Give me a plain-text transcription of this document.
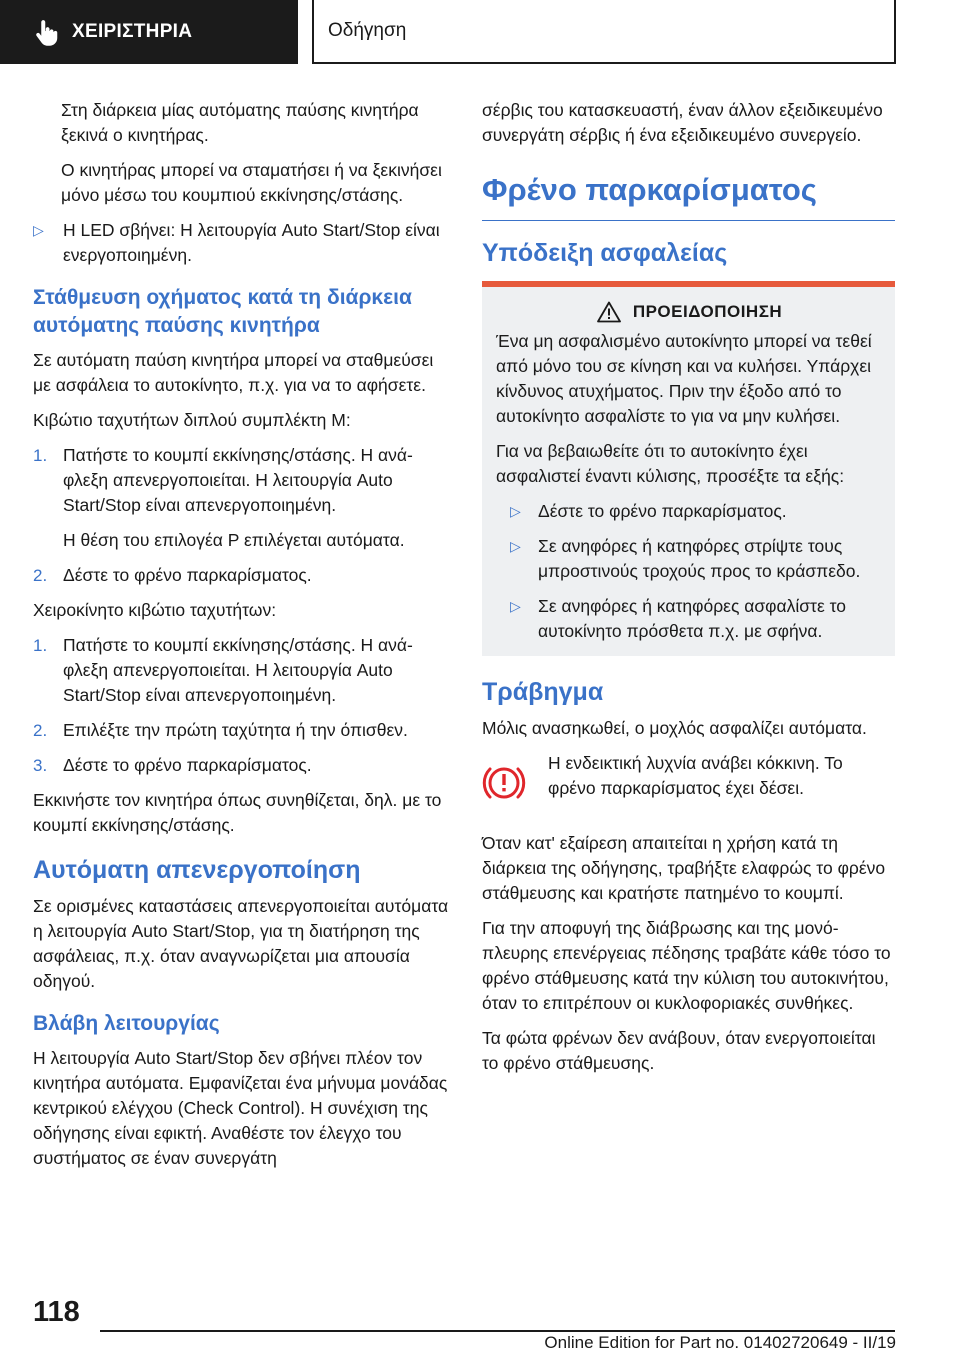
ΧΕΙΡΙΣΤΗΡΙΑ	Οδήγηση

Στη διάρκεια μίας αυτόματης παύσης κινητήρα ξεκινά ο κινητήρας.

Ο κινητήρας μπορεί να σταματήσει ή να ξεκινήσει μόνο μέσω του κουμπιού εκκίνησης/στάσης.

▷ Η LED σβήνει: Η λειτουργία Auto Start/Stop είναι ενεργοποιημένη.
Στάθμευση οχήματος κατά τη διάρκεια αυτόματης παύσης κινητήρα

Σε αυτόματη παύση κινητήρα μπορεί να σταθμεύσει με ασφάλεια το αυτοκίνητο, π.χ. για να το αφήσετε.

Κιβώτιο ταχυτήτων διπλού συμπλέκτη M:

1. Πατήστε το κουμπί εκκίνησης/στάσης. Η ανάφλεξη απενεργοποιείται. Η λειτουργία Auto Start/Stop είναι απενεργοποιημένη.

Η θέση του επιλογέα P επιλέγεται αυτόματα.

2. Δέστε το φρένο παρκαρίσματος.

Χειροκίνητο κιβώτιο ταχυτήτων:

1. Πατήστε το κουμπί εκκίνησης/στάσης. Η ανάφλεξη απενεργοποιείται. Η λειτουργία Auto Start/Stop είναι απενεργοποιημένη.
2. Επιλέξτε την πρώτη ταχύτητα ή την όπισθεν.
3. Δέστε το φρένο παρκαρίσματος.

Εκκινήστε τον κινητήρα όπως συνηθίζεται, δηλ. με το κουμπί εκκίνησης/στάσης.

Αυτόματη απενεργοποίηση

Σε ορισμένες καταστάσεις απενεργοποιείται αυτόματα η λειτουργία Auto Start/Stop, για τη διατήρηση της ασφάλειας, π.χ. όταν αναγνωρίζεται μια απουσία οδηγού.

Βλάβη λειτουργίας

Η λειτουργία Auto Start/Stop δεν σβήνει πλέον τον κινητήρα αυτόματα. Εμφανίζεται ένα μήνυμα μονάδας κεντρικού ελέγχου (Check Control). Η συνέχιση της οδήγησης είναι εφικτή. Αναθέστε τον έλεγχο του συστήματος σε έναν συνεργάτη

σέρβις του κατασκευαστή, έναν άλλον εξειδικευμένο συνεργάτη σέρβις ή ένα εξειδικευμένο συνεργείο.

Φρένο παρκαρίσματος
Υπόδειξη ασφαλείας
ΠΡΟΕΙΔΟΠΟΙΗΣΗ

Ένα μη ασφαλισμένο αυτοκίνητο μπορεί να τεθεί από μόνο του σε κίνηση και να κυλήσει. Υπάρχει κίνδυνος ατυχήματος. Πριν την έξοδο από το αυτοκίνητο ασφαλίστε το για να μην κυλήσει.

Για να βεβαιωθείτε ότι το αυτοκίνητο έχει ασφαλιστεί έναντι κύλισης, προσέξτε τα εξής:

▷ Δέστε το φρένο παρκαρίσματος.
▷ Σε ανηφόρες ή κατηφόρες στρίψτε τους μπροστινούς τροχούς προς το κράσπεδο.
▷ Σε ανηφόρες ή κατηφόρες ασφαλίστε το αυτοκίνητο πρόσθετα π.χ. με σφήνα.
Τράβηγμα

Μόλις ανασηκωθεί, ο μοχλός ασφαλίζει αυτόματα.

Η ενδεικτική λυχνία ανάβει κόκκινη. Το φρένο παρκαρίσματος έχει δέσει.

Όταν κατ' εξαίρεση απαιτείται η χρήση κατά τη διάρκεια της οδήγησης, τραβήξτε ελαφρώς το φρένο στάθμευσης και κρατήστε πατημένο το κουμπί.

Για την αποφυγή της διάβρωσης και της μονόπλευρης επενέργειας πέδησης τραβάτε κάθε τόσο το φρένο στάθμευσης κατά την κύλιση του αυτοκινήτου, όταν το επιτρέπουν οι κυκλοφοριακές συνθήκες.

Τα φώτα φρένων δεν ανάβουν, όταν ενεργοποιείται το φρένο στάθμευσης.

118
Online Edition for Part no. 01402720649 - II/19
